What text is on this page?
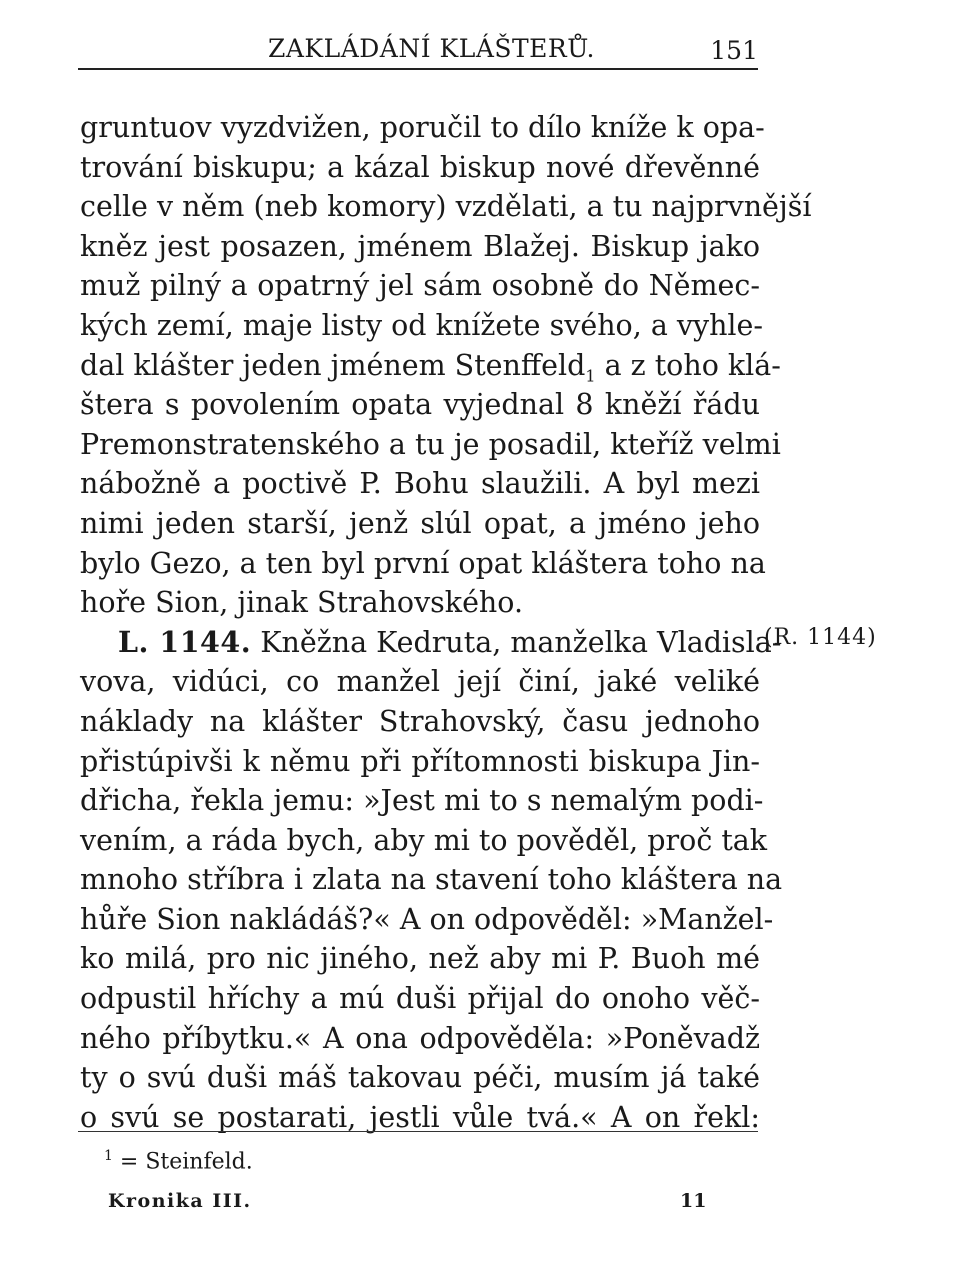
ZAKLÁDÁNÍ KLÁŠTERŮ.	151
gruntuov vyzdvižen, poručil to dílo kníže k opa-
trování biskupu; a kázal biskup nové dřevěnné
celle v něm (neb komory) vzdělati, a tu najprvnější
kněz jest posazen, jménem Blažej. Biskup jako
muž pilný a opatrný jel sám osobně do Němec-
kých zemí, maje listy od knížete svého, a vyhle-
dal klášter jeden jménem Stenffeld$_1$ a z toho klá-
štera s povolením opata vyjednal 8 kněží řádu
Premonstratenského a tu je posadil, kteříž velmi
nábožně a poctivě P. Bohu slaužili. A byl mezi
nimi jeden starší, jenž slúl opat, a jméno jeho
bylo Gezo, a ten byl první opat kláštera toho na
hoře Sion, jinak Strahovského.
L. 1144. Kněžna Kedruta, manželka Vladisla-
vova, vidúci, co manžel její činí, jaké veliké
náklady na klášter Strahovský, času jednoho
přistúpivši k němu při přítomnosti biskupa Jin-
dřicha, řekla jemu: »Jest mi to s nemalým podi-
vením, a ráda bych, aby mi to pověděl, proč tak
mnoho stříbra i zlata na stavení toho kláštera na
hůře Sion nakládáš?« A on odpověděl: »Manžel-
ko milá, pro nic jiného, než aby mi P. Buoh mé
odpustil hříchy a mú duši přijal do onoho věč-
ného příbytku.« A ona odpověděla: »Poněvadž
ty o svú duši máš takovau péči, musím já také
o svú se postarati, jestli vůle tvá.« A on řekl:
(R. 1144)
$^1$ = Steinfeld.
Kronika III.	11
